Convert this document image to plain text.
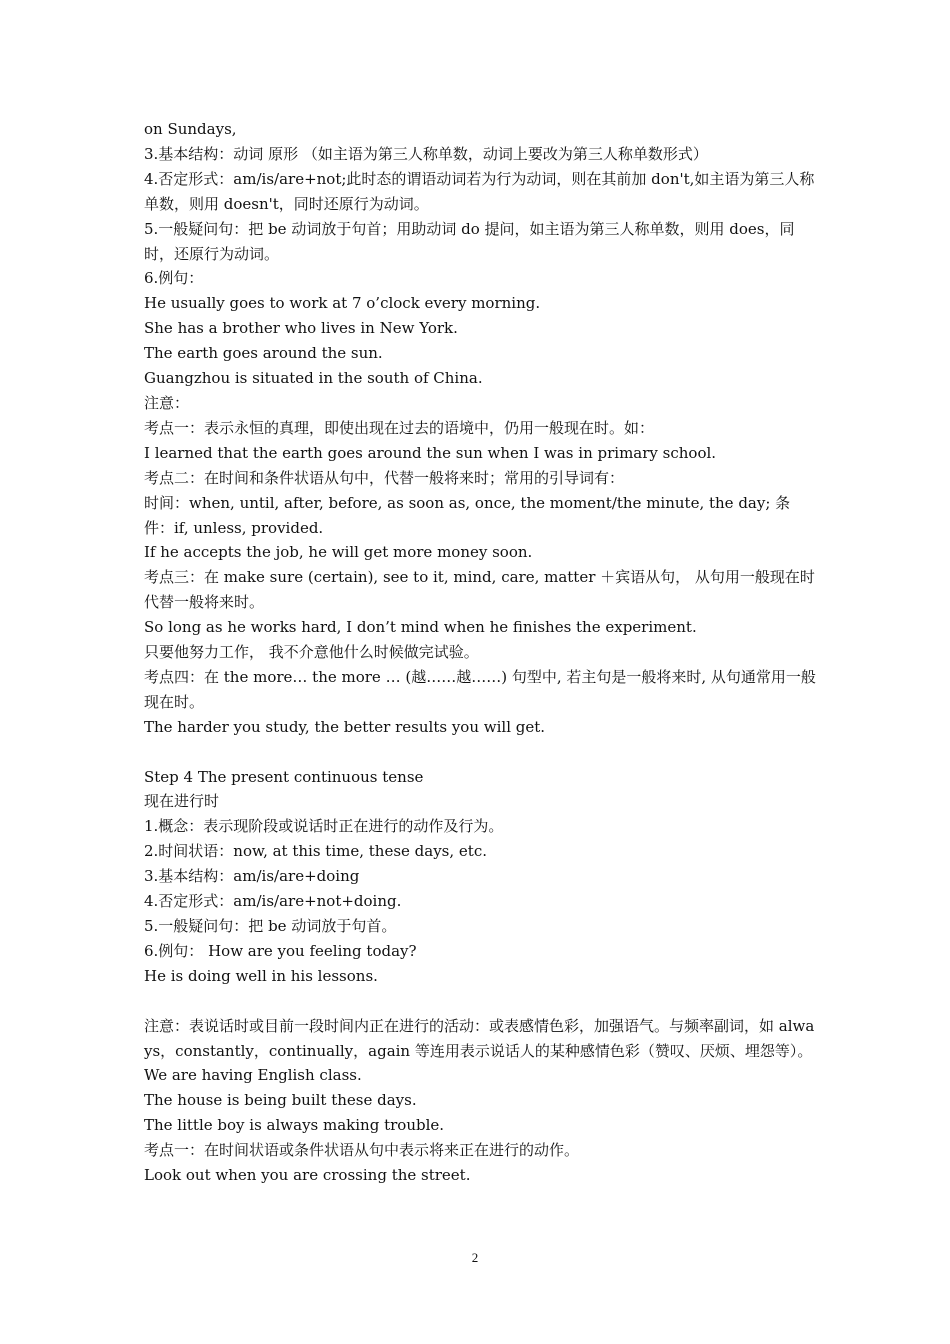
on Sundays,

3.基本结构：动词 原形 （如主语为第三人称单数，动词上要改为第三人称单数形式）

4.否定形式：am/is/are+not;此时态的谓语动词若为行为动词，则在其前加 don't,如主语为第三人称单数，则用 doesn't，同时还原行为动词。

5.一般疑问句：把 be 动词放于句首；用助动词 do 提问，如主语为第三人称单数，则用 does，同时，还原行为动词。

6.例句：

He usually goes to work at 7 o’clock every morning.

She has a brother who lives in New York.

The earth goes around the sun.

Guangzhou is situated in the south of China.

注意：

考点一：表示永恒的真理，即使出现在过去的语境中，仍用一般现在时。如：

I learned that the earth goes around the sun when I was in primary school.

考点二：在时间和条件状语从句中，代替一般将来时；常用的引导词有：

时间：when, until, after, before, as soon as, once, the moment/the minute, the day; 条件：if, unless, provided.

If he accepts the job, he will get more money soon.

考点三：在 make sure (certain), see to it, mind, care, matter ＋宾语从句， 从句用一般现在时代替一般将来时。

So long as he works hard, I don’t mind when he finishes the experiment.

只要他努力工作， 我不介意他什么时候做完试验。

考点四：在 the more… the more … (越……越……) 句型中, 若主句是一般将来时, 从句通常用一般现在时。

The harder you study, the better results you will get.

Step 4 The present continuous tense

现在进行时

1.概念：表示现阶段或说话时正在进行的动作及行为。

2.时间状语：now, at this time, these days, etc.

3.基本结构：am/is/are+doing

4.否定形式：am/is/are+not+doing.

5.一般疑问句：把 be 动词放于句首。

6.例句： How are you feeling today?

He is doing well in his lessons.

注意：表说话时或目前一段时间内正在进行的活动：或表感情色彩，加强语气。与频率副词，如 always，constantly，continually，again 等连用表示说话人的某种感情色彩（赞叹、厌烦、埋怨等）。

We are having English class.

The house is being built these days.

The little boy is always making trouble.

考点一：在时间状语或条件状语从句中表示将来正在进行的动作。

Look out when you are crossing the street.

2
